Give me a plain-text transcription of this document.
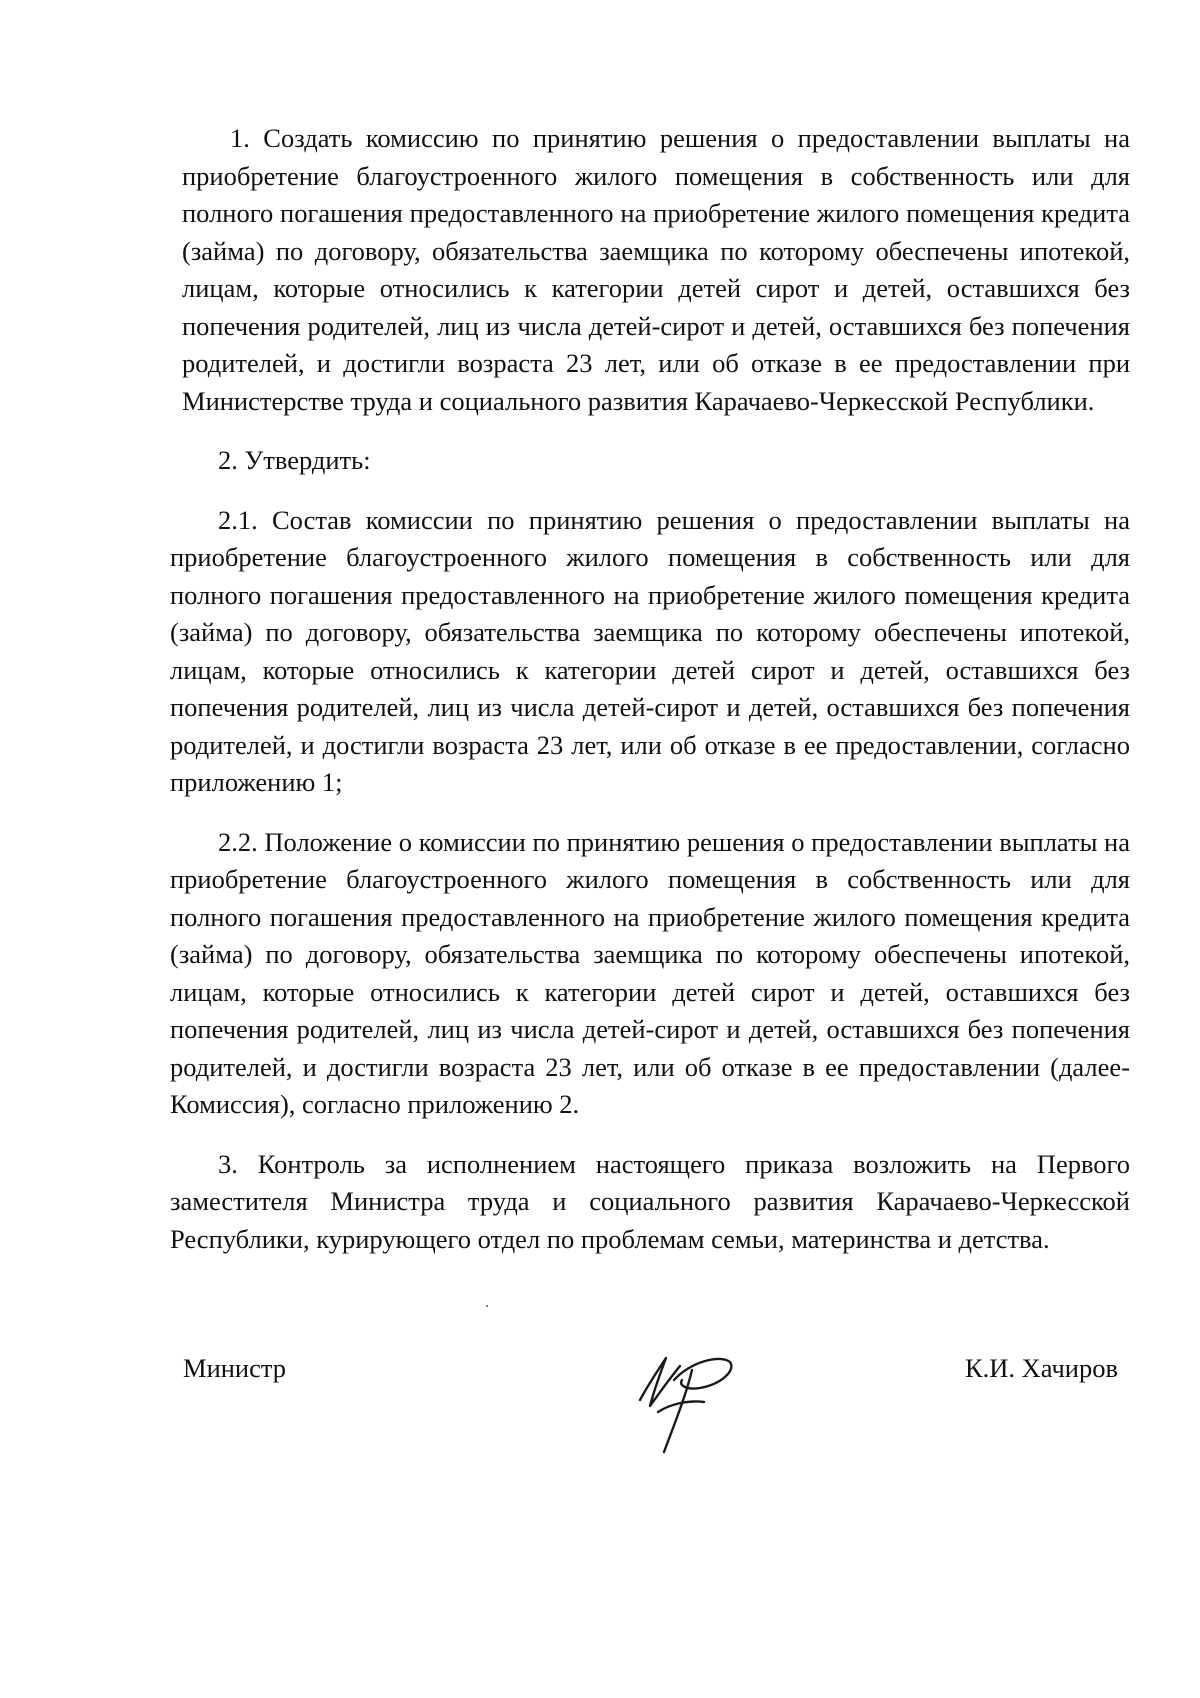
1. Создать комиссию по принятию решения о предоставлении выплаты на приобретение благоустроенного жилого помещения в собственность или для полного погашения предоставленного на приобретение жилого помещения кредита (займа) по договору, обязательства заемщика по которому обеспечены ипотекой, лицам, которые относились к категории детей сирот и детей, оставшихся без попечения родителей, лиц из числа детей-сирот и детей, оставшихся без попечения родителей, и достигли возраста 23 лет, или об отказе в ее предоставлении при Министерстве труда и социального развития Карачаево-Черкесской Республики.

2. Утвердить:

2.1. Состав комиссии по принятию решения о предоставлении выплаты на приобретение благоустроенного жилого помещения в собственность или для полного погашения предоставленного на приобретение жилого помещения кредита (займа) по договору, обязательства заемщика по которому обеспечены ипотекой, лицам, которые относились к категории детей сирот и детей, оставшихся без попечения родителей, лиц из числа детей-сирот и детей, оставшихся без попечения родителей, и достигли возраста 23 лет, или об отказе в ее предоставлении, согласно приложению 1;

2.2. Положение о комиссии по принятию решения о предоставлении выплаты на приобретение благоустроенного жилого помещения в собственность или для полного погашения предоставленного на приобретение жилого помещения кредита (займа) по договору, обязательства заемщика по которому обеспечены ипотекой, лицам, которые относились к категории детей сирот и детей, оставшихся без попечения родителей, лиц из числа детей-сирот и детей, оставшихся без попечения родителей, и достигли возраста 23 лет, или об отказе в ее предоставлении (далее-Комиссия), согласно приложению 2.

3. Контроль за исполнением настоящего приказа возложить на Первого заместителя Министра труда и социального развития Карачаево-Черкесской Республики, курирующего отдел по проблемам семьи, материнства и детства.

Министр	К.И. Хачиров
